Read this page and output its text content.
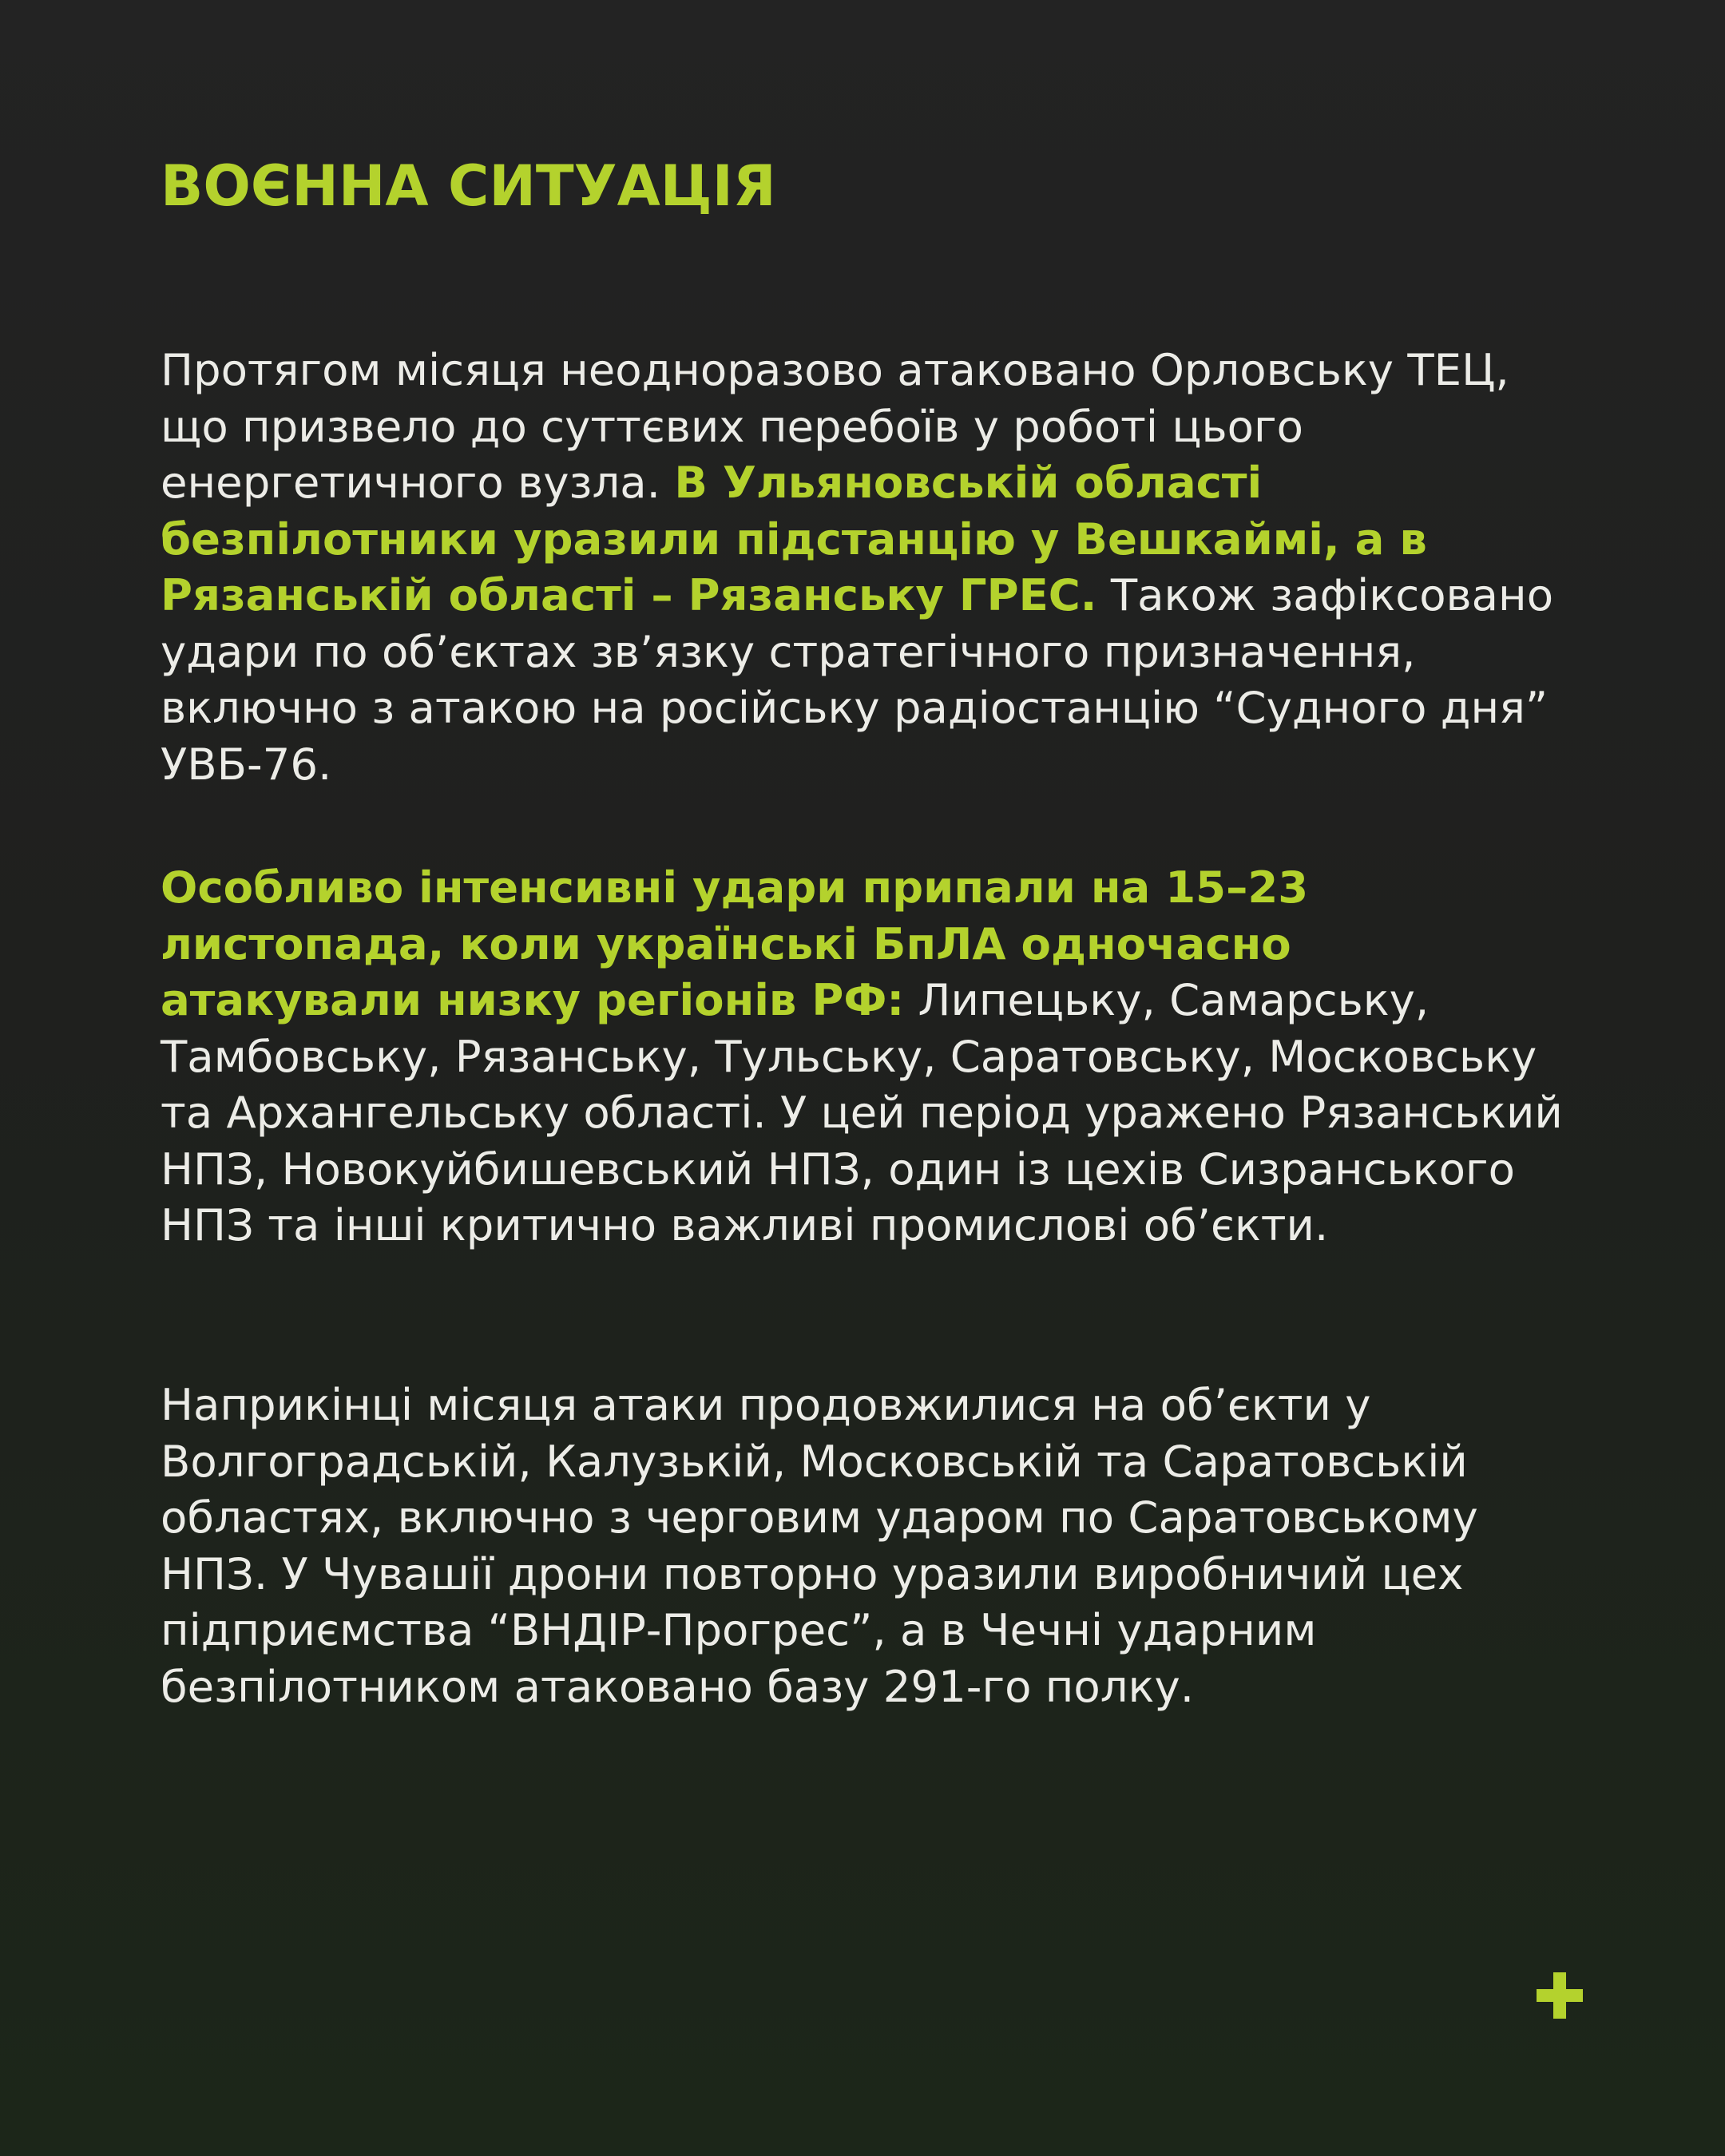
ВОЄННА СИТУАЦІЯ

Протягом місяця неодноразово атаковано Орловську ТЕЦ, що призвело до суттєвих перебоїв у роботі цього енергетичного вузла. В Ульяновській області безпілотники уразили підстанцію у Вешкаймі, а в Рязанській області – Рязанську ГРЕС. Також зафіксовано удари по об’єктах зв’язку стратегічного призначення, включно з атакою на російську радіостанцію “Судного дня” УВБ-76.

Особливо інтенсивні удари припали на 15–23 листопада, коли українські БпЛА одночасно атакували низку регіонів РФ: Липецьку, Самарську, Тамбовську, Рязанську, Тульську, Саратовську, Московську та Архангельську області. У цей період уражено Рязанський НПЗ, Новокуйбишевський НПЗ, один із цехів Сизранського НПЗ та інші критично важливі промислові об’єкти.

Наприкінці місяця атаки продовжилися на об’єкти у Волгоградській, Калузькій, Московській та Саратовській областях, включно з черговим ударом по Саратовському НПЗ. У Чувашії дрони повторно уразили виробничий цех підприємства “ВНДІР-Прогрес”, а в Чечні ударним безпілотником атаковано базу 291-го полку.
